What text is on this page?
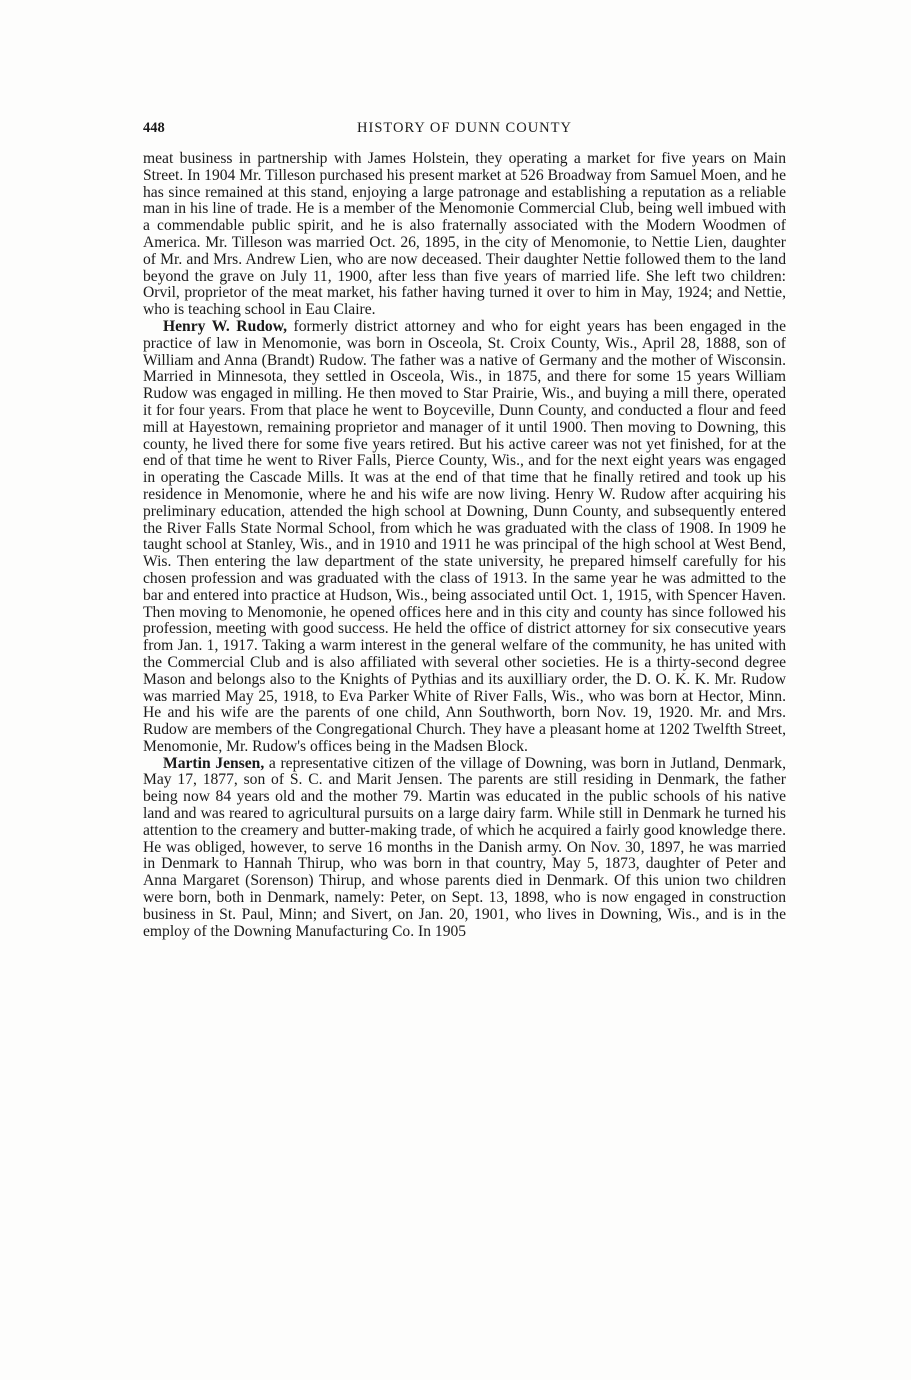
448	HISTORY OF DUNN COUNTY

meat business in partnership with James Holstein, they operating a market for five years on Main Street. In 1904 Mr. Tilleson purchased his present market at 526 Broadway from Samuel Moen, and he has since remained at this stand, enjoying a large patronage and establishing a reputation as a reliable man in his line of trade. He is a member of the Menomonie Commercial Club, being well imbued with a commendable public spirit, and he is also fraternally associated with the Modern Woodmen of America. Mr. Tilleson was married Oct. 26, 1895, in the city of Menomonie, to Nettie Lien, daughter of Mr. and Mrs. Andrew Lien, who are now deceased. Their daughter Nettie followed them to the land beyond the grave on July 11, 1900, after less than five years of married life. She left two children: Orvil, proprietor of the meat market, his father having turned it over to him in May, 1924; and Nettie, who is teaching school in Eau Claire.

Henry W. Rudow, formerly district attorney and who for eight years has been engaged in the practice of law in Menomonie, was born in Osceola, St. Croix County, Wis., April 28, 1888, son of William and Anna (Brandt) Rudow. The father was a native of Germany and the mother of Wisconsin. Married in Minnesota, they settled in Osceola, Wis., in 1875, and there for some 15 years William Rudow was engaged in milling. He then moved to Star Prairie, Wis., and buying a mill there, operated it for four years. From that place he went to Boyceville, Dunn County, and conducted a flour and feed mill at Hayestown, remaining proprietor and manager of it until 1900. Then moving to Downing, this county, he lived there for some five years retired. But his active career was not yet finished, for at the end of that time he went to River Falls, Pierce County, Wis., and for the next eight years was engaged in operating the Cascade Mills. It was at the end of that time that he finally retired and took up his residence in Menomonie, where he and his wife are now living. Henry W. Rudow after acquiring his preliminary education, attended the high school at Downing, Dunn County, and subsequently entered the River Falls State Normal School, from which he was graduated with the class of 1908. In 1909 he taught school at Stanley, Wis., and in 1910 and 1911 he was principal of the high school at West Bend, Wis. Then entering the law department of the state university, he prepared himself carefully for his chosen profession and was graduated with the class of 1913. In the same year he was admitted to the bar and entered into practice at Hudson, Wis., being associated until Oct. 1, 1915, with Spencer Haven. Then moving to Menomonie, he opened offices here and in this city and county has since followed his profession, meeting with good success. He held the office of district attorney for six consecutive years from Jan. 1, 1917. Taking a warm interest in the general welfare of the community, he has united with the Commercial Club and is also affiliated with several other societies. He is a thirty-second degree Mason and belongs also to the Knights of Pythias and its auxilliary order, the D. O. K. K. Mr. Rudow was married May 25, 1918, to Eva Parker White of River Falls, Wis., who was born at Hector, Minn. He and his wife are the parents of one child, Ann Southworth, born Nov. 19, 1920. Mr. and Mrs. Rudow are members of the Congregational Church. They have a pleasant home at 1202 Twelfth Street, Menomonie, Mr. Rudow's offices being in the Madsen Block.

Martin Jensen, a representative citizen of the village of Downing, was born in Jutland, Denmark, May 17, 1877, son of S. C. and Marit Jensen. The parents are still residing in Denmark, the father being now 84 years old and the mother 79. Martin was educated in the public schools of his native land and was reared to agricultural pursuits on a large dairy farm. While still in Denmark he turned his attention to the creamery and butter-making trade, of which he acquired a fairly good knowledge there. He was obliged, however, to serve 16 months in the Danish army. On Nov. 30, 1897, he was married in Denmark to Hannah Thirup, who was born in that country, May 5, 1873, daughter of Peter and Anna Margaret (Sorenson) Thirup, and whose parents died in Denmark. Of this union two children were born, both in Denmark, namely: Peter, on Sept. 13, 1898, who is now engaged in construction business in St. Paul, Minn; and Sivert, on Jan. 20, 1901, who lives in Downing, Wis., and is in the employ of the Downing Manufacturing Co. In 1905
